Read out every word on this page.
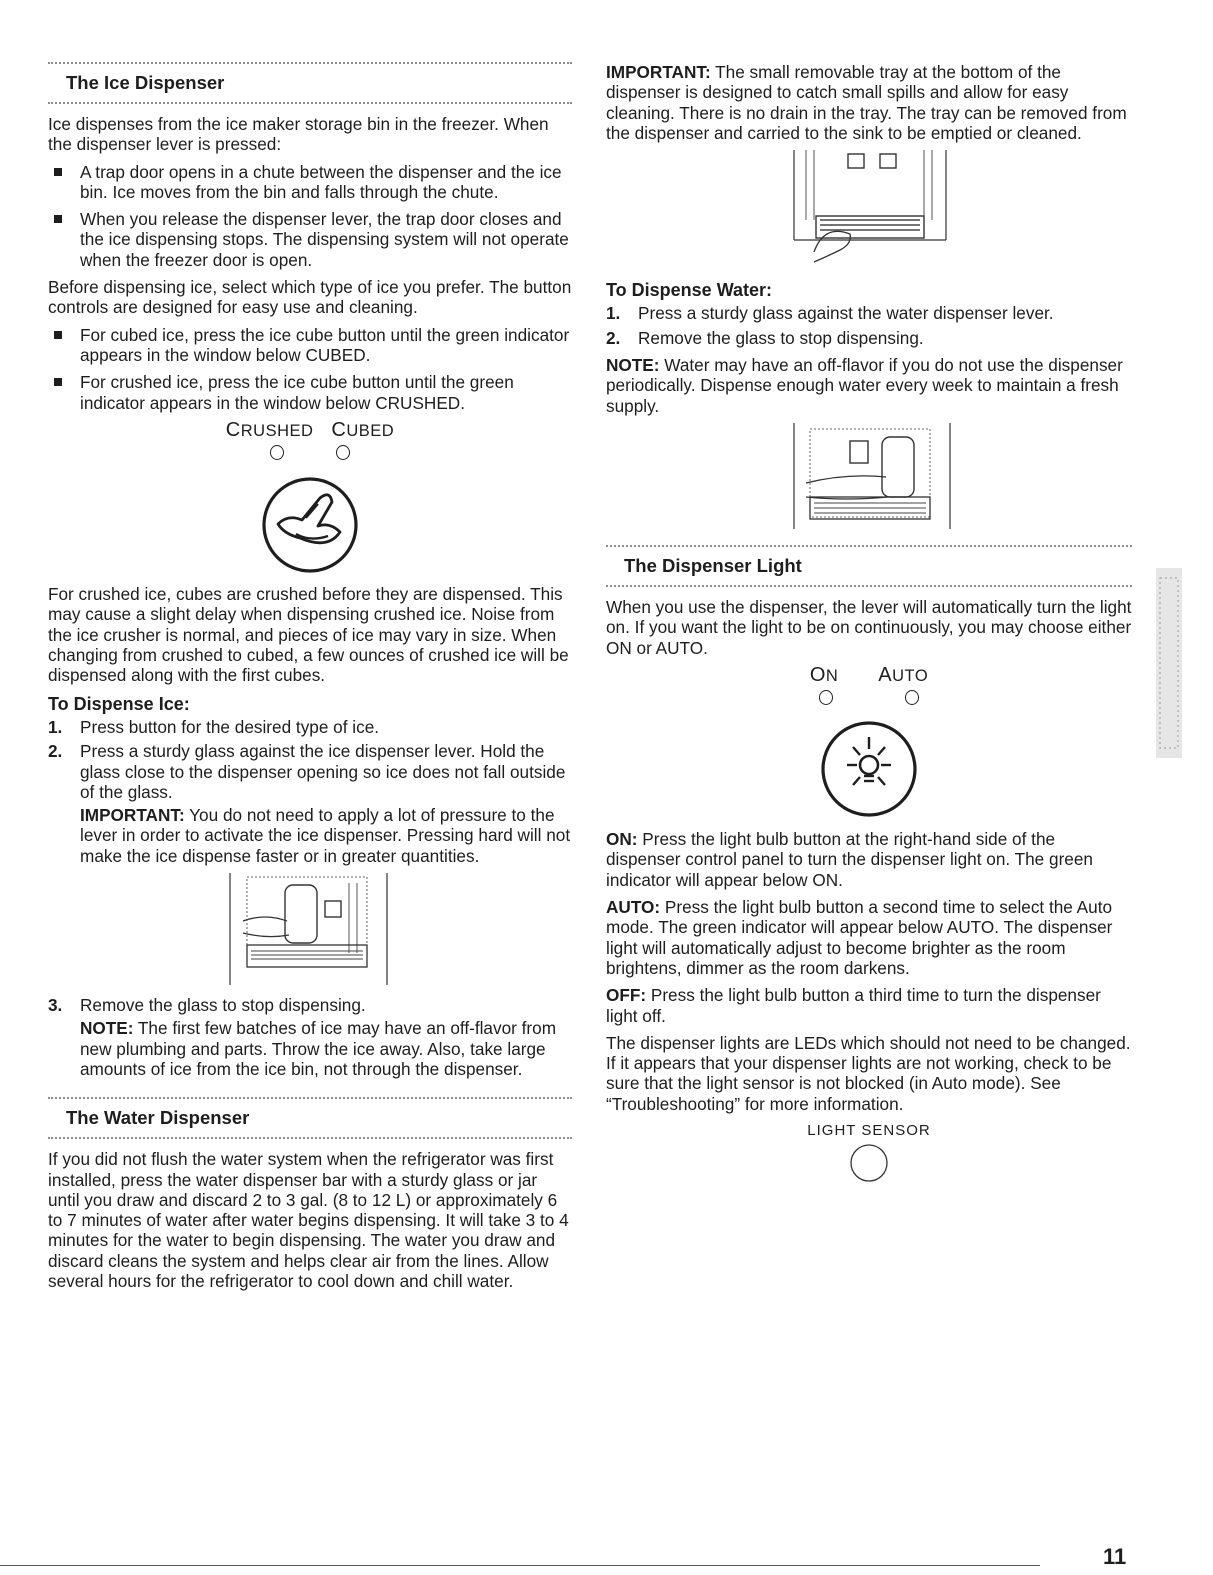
The Ice Dispenser

Ice dispenses from the ice maker storage bin in the freezer. When the dispenser lever is pressed:

A trap door opens in a chute between the dispenser and the ice bin. Ice moves from the bin and falls through the chute.
When you release the dispenser lever, the trap door closes and the ice dispensing stops. The dispensing system will not operate when the freezer door is open.

Before dispensing ice, select which type of ice you prefer. The button controls are designed for easy use and cleaning.

For cubed ice, press the ice cube button until the green indicator appears in the window below CUBED.
For crushed ice, press the ice cube button until the green indicator appears in the window below CRUSHED.
CRUSHED CUBED

For crushed ice, cubes are crushed before they are dispensed. This may cause a slight delay when dispensing crushed ice. Noise from the ice crusher is normal, and pieces of ice may vary in size. When changing from crushed to cubed, a few ounces of crushed ice will be dispensed along with the first cubes.

To Dispense Ice:
1. Press button for the desired type of ice.
2. Press a sturdy glass against the ice dispenser lever. Hold the glass close to the dispenser opening so ice does not fall outside of the glass.

IMPORTANT: You do not need to apply a lot of pressure to the lever in order to activate the ice dispenser. Pressing hard will not make the ice dispense faster or in greater quantities.

3. Remove the glass to stop dispensing.

NOTE: The first few batches of ice may have an off-flavor from new plumbing and parts. Throw the ice away. Also, take large amounts of ice from the ice bin, not through the dispenser.

The Water Dispenser

If you did not flush the water system when the refrigerator was first installed, press the water dispenser bar with a sturdy glass or jar until you draw and discard 2 to 3 gal. (8 to 12 L) or approximately 6 to 7 minutes of water after water begins dispensing. It will take 3 to 4 minutes for the water to begin dispensing. The water you draw and discard cleans the system and helps clear air from the lines. Allow several hours for the refrigerator to cool down and chill water.

IMPORTANT: The small removable tray at the bottom of the dispenser is designed to catch small spills and allow for easy cleaning. There is no drain in the tray. The tray can be removed from the dispenser and carried to the sink to be emptied or cleaned.

To Dispense Water:
1. Press a sturdy glass against the water dispenser lever.
2. Remove the glass to stop dispensing.

NOTE: Water may have an off-flavor if you do not use the dispenser periodically. Dispense enough water every week to maintain a fresh supply.

The Dispenser Light

When you use the dispenser, the lever will automatically turn the light on. If you want the light to be on continuously, you may choose either ON or AUTO.

ON AUTO

ON: Press the light bulb button at the right-hand side of the dispenser control panel to turn the dispenser light on. The green indicator will appear below ON.

AUTO: Press the light bulb button a second time to select the Auto mode. The green indicator will appear below AUTO. The dispenser light will automatically adjust to become brighter as the room brightens, dimmer as the room darkens.

OFF: Press the light bulb button a third time to turn the dispenser light off.

The dispenser lights are LEDs which should not need to be changed. If it appears that your dispenser lights are not working, check to be sure that the light sensor is not blocked (in Auto mode). See “Troubleshooting” for more information.

LIGHT SENSOR
11
